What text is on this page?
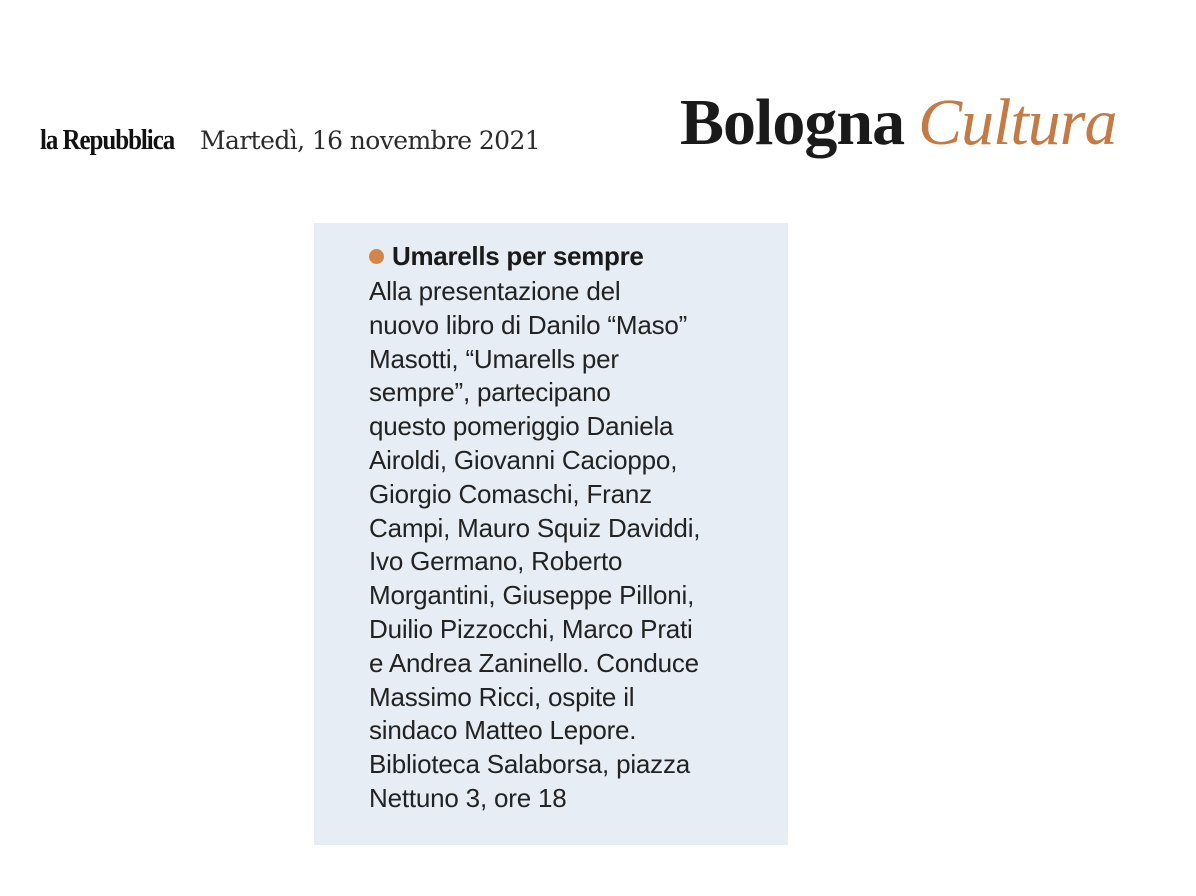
la Repubblica Martedì, 16 novembre 2021 Bologna Cultura
Umarells per sempre
Alla presentazione del
nuovo libro di Danilo “Maso”
Masotti, “Umarells per
sempre”, partecipano
questo pomeriggio Daniela
Airoldi, Giovanni Cacioppo,
Giorgio Comaschi, Franz
Campi, Mauro Squiz Daviddi,
Ivo Germano, Roberto
Morgantini, Giuseppe Pilloni,
Duilio Pizzocchi, Marco Prati
e Andrea Zaninello. Conduce
Massimo Ricci, ospite il
sindaco Matteo Lepore.
Biblioteca Salaborsa, piazza
Nettuno 3, ore 18
